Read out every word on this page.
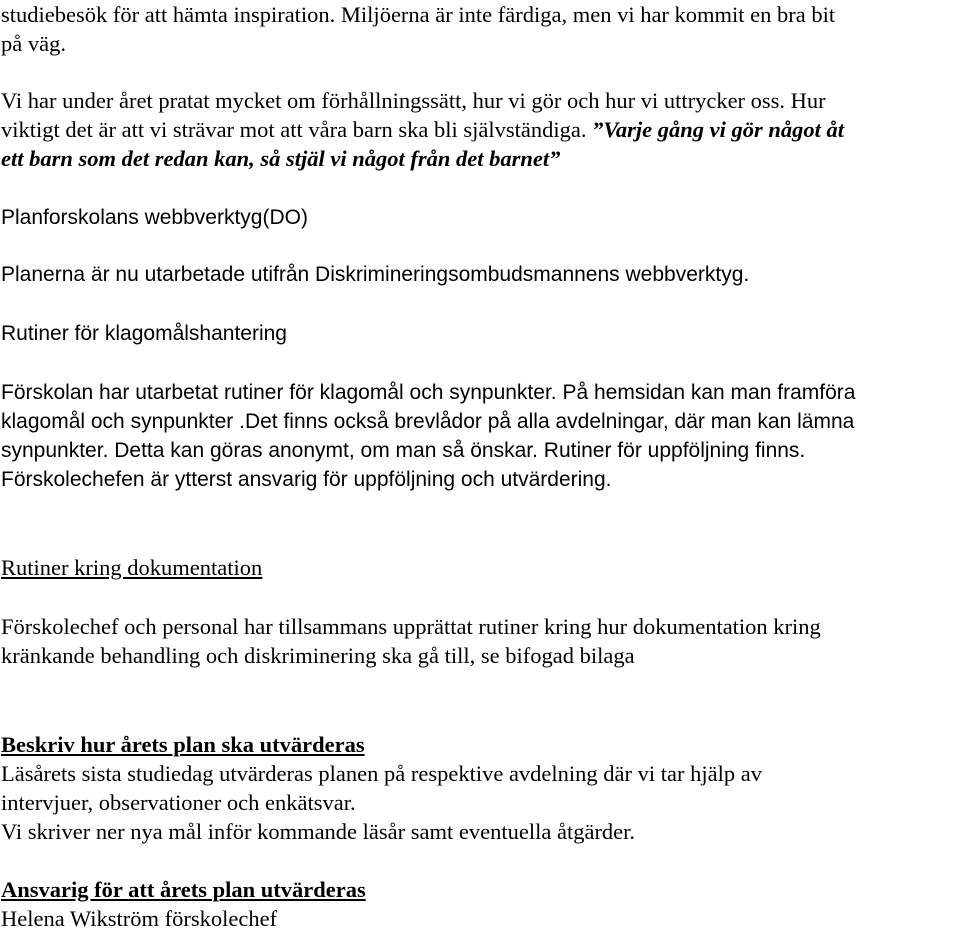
studiebesök för att hämta inspiration. Miljöerna är inte färdiga, men vi har kommit en bra bit

på väg.

Vi har under året pratat mycket om förhållningssätt, hur vi gör och hur vi uttrycker oss. Hur

viktigt det är att vi strävar mot att våra barn ska bli självständiga. ”Varje gång vi gör något åt

ett barn som det redan kan, så stjäl vi något från det barnet”

Planforskolans webbverktyg(DO)

Planerna är nu utarbetade utifrån Diskrimineringsombudsmannens webbverktyg.

Rutiner för klagomålshantering

Förskolan har utarbetat rutiner för klagomål och synpunkter. På hemsidan kan man framföra

klagomål och synpunkter .Det finns också brevlådor på alla avdelningar, där man kan lämna

synpunkter. Detta kan göras anonymt, om man så önskar. Rutiner för uppföljning finns.

Förskolechefen är ytterst ansvarig för uppföljning och utvärdering.

Rutiner kring dokumentation

Förskolechef och personal har tillsammans upprättat rutiner kring hur dokumentation kring

kränkande behandling och diskriminering ska gå till, se bifogad bilaga

Beskriv hur årets plan ska utvärderas

Läsårets sista studiedag utvärderas planen på respektive avdelning där vi tar hjälp av

intervjuer, observationer och enkätsvar.

Vi skriver ner nya mål inför kommande läsår samt eventuella åtgärder.

Ansvarig för att årets plan utvärderas

Helena Wikström förskolechef
